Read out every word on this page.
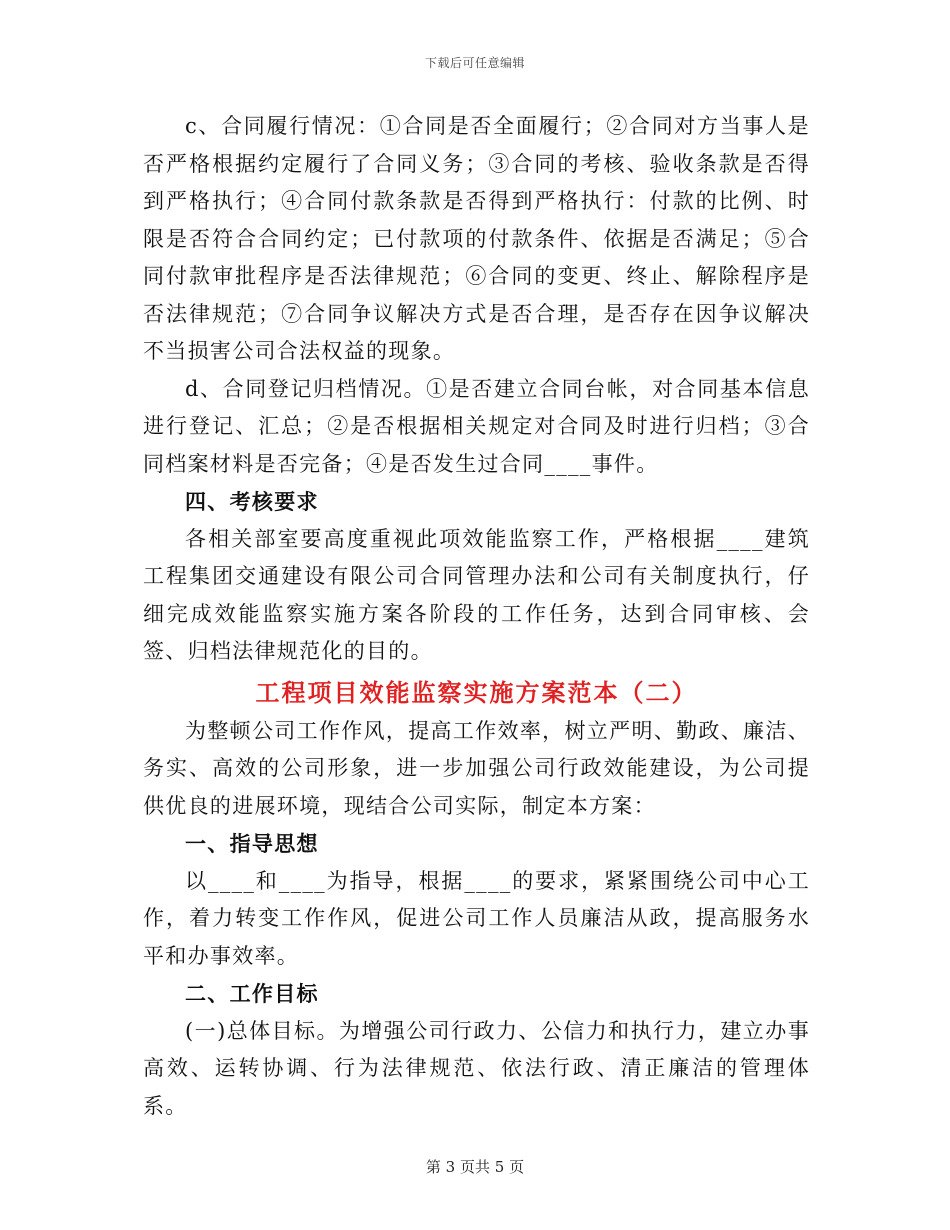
下载后可任意编辑

c、合同履行情况：①合同是否全面履行；②合同对方当事人是否严格根据约定履行了合同义务；③合同的考核、验收条款是否得到严格执行；④合同付款条款是否得到严格执行：付款的比例、时限是否符合合同约定；已付款项的付款条件、依据是否满足；⑤合同付款审批程序是否法律规范；⑥合同的变更、终止、解除程序是否法律规范；⑦合同争议解决方式是否合理，是否存在因争议解决不当损害公司合法权益的现象。

d、合同登记归档情况。①是否建立合同台帐，对合同基本信息进行登记、汇总；②是否根据相关规定对合同及时进行归档；③合同档案材料是否完备；④是否发生过合同____事件。

四、考核要求

各相关部室要高度重视此项效能监察工作，严格根据____建筑工程集团交通建设有限公司合同管理办法和公司有关制度执行，仔细完成效能监察实施方案各阶段的工作任务，达到合同审核、会签、归档法律规范化的目的。

工程项目效能监察实施方案范本（二）

为整顿公司工作作风，提高工作效率，树立严明、勤政、廉洁、务实、高效的公司形象，进一步加强公司行政效能建设，为公司提供优良的进展环境，现结合公司实际，制定本方案：

一、指导思想

以____和____为指导，根据____的要求，紧紧围绕公司中心工作，着力转变工作作风，促进公司工作人员廉洁从政，提高服务水平和办事效率。

二、工作目标

(一)总体目标。为增强公司行政力、公信力和执行力，建立办事高效、运转协调、行为法律规范、依法行政、清正廉洁的管理体系。

第 3 页共 5 页
